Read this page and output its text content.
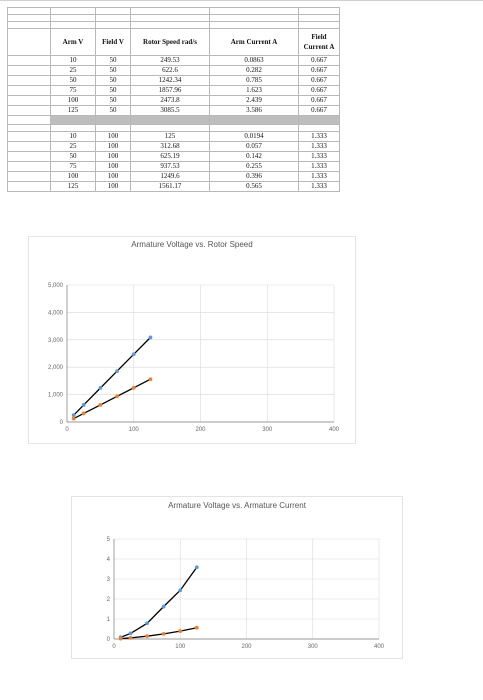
	Arm V	Field V	Rotor Speed rad/s	Arm Current A	Field Current A
	10	50	249.53	0.0863	0.667
	25	50	622.6	0.282	0.667
	50	50	1242.34	0.785	0.667
	75	50	1857.96	1.623	0.667
	100	50	2473.8	2.439	0.667
	125	50	3085.5	3.586	0.667

	10	100	125	0.0194	1.333
	25	100	312.68	0.057	1.333
	50	100	625.19	0.142	1.333
	75	100	937.53	0.255	1.333
	100	100	1249.6	0.396	1.333
	125	100	1561.17	0.565	1.333
Armature Voltage vs. Rotor Speed
0
1,000
2,000
3,000
4,000
5,000
0	100	200	300	400
Armature Voltage vs. Armature Current
0
1
2
3
4
5
0	100	200	300	400
